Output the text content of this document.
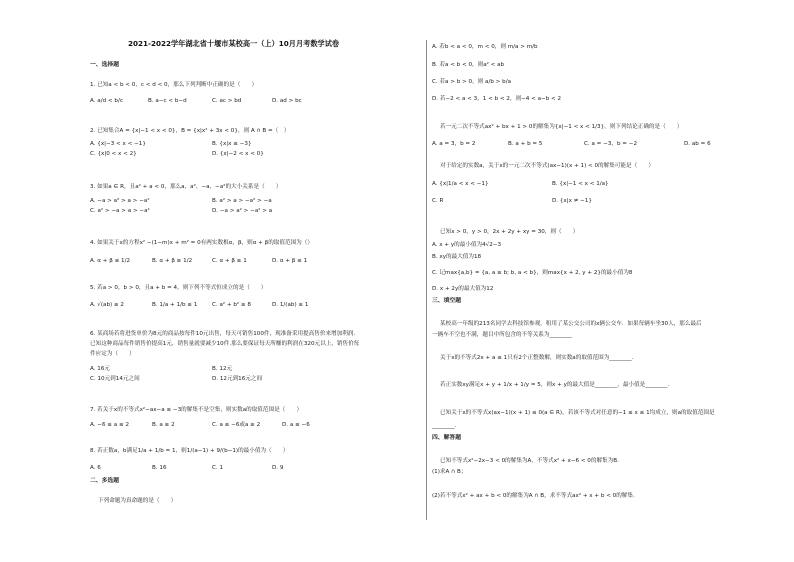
2021-2022学年湖北省十堰市某校高一（上）10月月考数学试卷
一、选择题
1. 已知a < b < 0，c < d < 0，那么下列判断中正确的是（　　）
A. a/d < b/c	B. a−c < b−d	C. ac > bd	D. ad > bc
2. 已知集合A = {x|−1 < x < 0}，B = {x|x² + 3x < 0}，则 A ∩ B =（　）
A. {x|−3 < x < −1}	B. {x|x ≤ −3}
C. {x|0 < x < 2}	D. {x|−2 < x < 0}
3. 如果a ∈ R，且a² + a < 0，那么a，a²，−a，−a²的大小关系是（　　）
A. −a > a² > a > −a²	B. a² > a > −a² > −a
C. a² > −a > a > −a²	D. −a > a² > −a² > a
4. 如果关于x的方程x² −(1−m)x + m² = 0有两实数根α，β，则α + β的取值范围为（）
A. α + β ≤ 1/2	B. α + β ≥ 1/2	C. α + β ≥ 1	D. α + β ≤ 1
5. 若a > 0，b > 0，且a + b = 4，则下列不等式恒成立的是（　　）
A. √(ab) ≥ 2	B. 1/a + 1/b ≤ 1	C. a² + b² ≥ 8	D. 1/(ab) ≤ 1
6. 某商场若将进货单价为8元的商品按每件10元出售，每天可销售100件，现准备采用提高售价来增加利润.
已知这种商品每件销售价提高1元，销售量就要减少10件.那么要保证每天所赚的利润在320元以上，销售价每
件应定为（　　）
A. 16元	B. 12元
C. 10元到14元之间	D. 12元到16元之间
7. 若关于x的不等式x²−ax−a ≤ −3的解集不是空集，则实数a的取值范围是（　　）
A. −6 ≤ a ≤ 2	B. a ≥ 2	C. a ≤ −6或a ≥ 2	D. a ≤ −6
8. 若正数a，b满足1/a + 1/b = 1，则1/(a−1) + 9/(b−1)的最小值为（　　）
A. 6	B. 16	C. 1	D. 9
二、多选题
下列命题为真命题的是（　　）
A. 若b < a < 0，m < 0，则 m/a > m/b
B. 若a < b < 0，则a² < ab
C. 若a > b > 0，则 a/b > b/a
D. 若−2 < a < 3，1 < b < 2，则−4 < a−b < 2
若一元二次不等式ax² + bx + 1 > 0的解集为{x|−1 < x < 1/3}，则下列结论正确的是（　　）
A. a = 3，b = 2	B. a + b = 5	C. a = −3，b = −2	D. ab = 6
对于给定的实数a，关于x的一元二次不等式(ax−1)(x + 1) < 0的解集可能是（　　）
A. {x|1/a < x < −1}	B. {x|−1 < x < 1/a}
C. R	D. {x|x ≠ −1}
已知x > 0，y > 0，2x + 2y + xy = 30，则（　　）
A. x + y的最小值为4√2−3
B. xy的最大值为18
C. 记max{a,b} = {a, a ≥ b; b, a < b}，则max{x + 2, y + 2}的最小值为8
D. x + 2y的最大值为12
三、填空题
某校高一年级的213名同学去科技馆参观，租用了某公交公司的x辆公交车．如果每辆车坐30人，那么最后
一辆车不空也不满，题目中所包含的不等关系为________
关于x的不等式2x + a ≤ 1只有2个正整数解，则实数a的取值范围为________.
若正实数xy满足x + y + 1/x + 1/y = 5，则x + y的最大值是________，最小值是________.
已知关于x的不等式x(ax−1)(x + 1) ≤ 0(a ∈ R)，若该不等式对任意的−1 ≤ x ≤ 1均成立，则a的取值范围是
________.
四、解答题
已知不等式x²−2x−3 < 0的解集为A，不等式x² + x−6 < 0的解集为B．
(1)求A ∩ B；
(2)若不等式x² + ax + b < 0的解集为A ∩ B，求不等式ax² + x + b < 0的解集.
